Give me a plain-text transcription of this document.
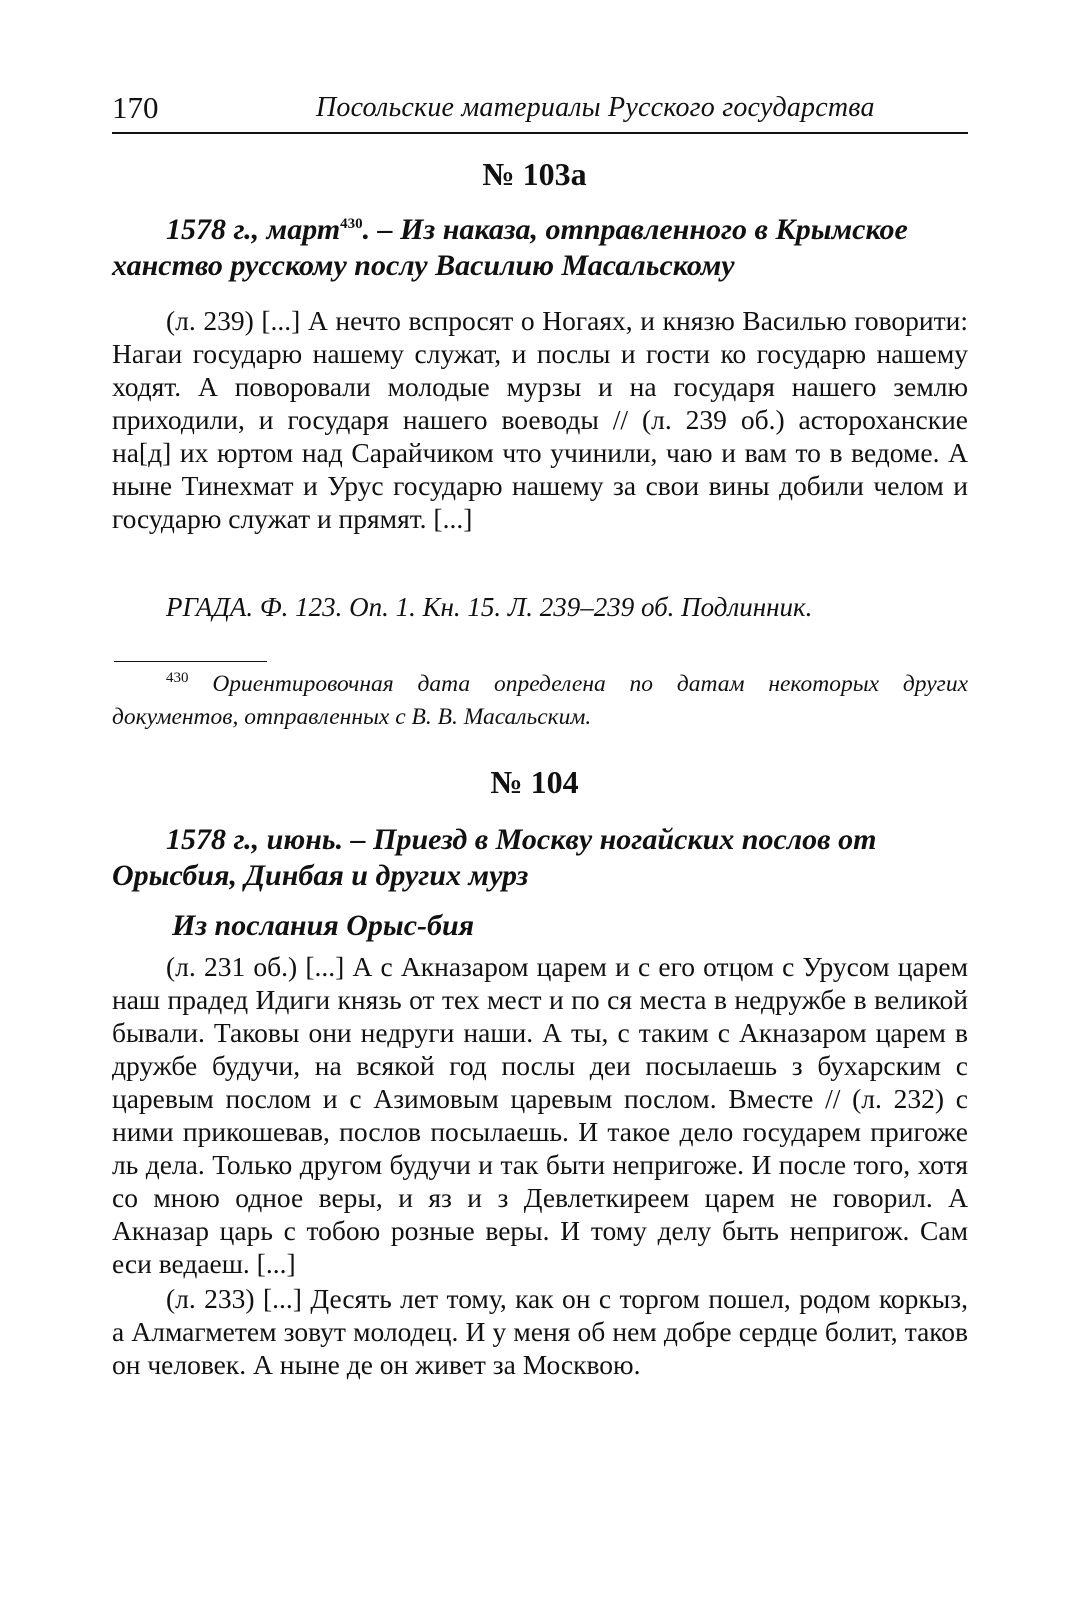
170	Посольские материалы Русского государства
№ 103а
1578 г., март$^{430}$. – Из наказа, отправленного в Крымское ханство русскому послу Василию Масальскому

(л. 239) [...] А нечто вспросят о Ногаях, и князю Василью говорити: Нагаи государю нашему служат, и послы и гости ко государю нашему ходят. А поворовали молодые мурзы и на государя нашего землю приходили, и государя нашего воеводы // (л. 239 об.) астороханские на[д] их юртом над Сарайчиком что учинили, чаю и вам то в ведоме. А ныне Тинехмат и Урус государю нашему за свои вины добили челом и государю служат и прямят. [...]

РГАДА. Ф. 123. Оп. 1. Кн. 15. Л. 239–239 об. Подлинник.

$^{430}$ Ориентировочная дата определена по датам некоторых других документов, отправленных с В. В. Масальским.

№ 104
1578 г., июнь. – Приезд в Москву ногайских послов от Орысбия, Динбая и других мурз
Из послания Орыс-бия

(л. 231 об.) [...] А с Акназаром царем и с его отцом с Урусом царем наш прадед Идиги князь от тех мест и по ся места в недружбе в великой бывали. Таковы они недруги наши. А ты, с таким с Акназаром царем в дружбе будучи, на всякой год послы деи посылаешь з бухарским с царевым послом и с Азимовым царевым послом. Вместе // (л. 232) с ними прикошевав, послов посылаешь. И такое дело государем пригоже ль дела. Только другом будучи и так быти непригоже. И после того, хотя со мною одное веры, и яз и з Девлеткиреем царем не говорил. А Акназар царь с тобою розные веры. И тому делу быть непригож. Сам еси ведаеш. [...]

(л. 233) [...] Десять лет тому, как он с торгом пошел, родом коркыз, а Алмагметем зовут молодец. И у меня об нем добре сердце болит, таков он человек. А ныне де он живет за Москвою.
